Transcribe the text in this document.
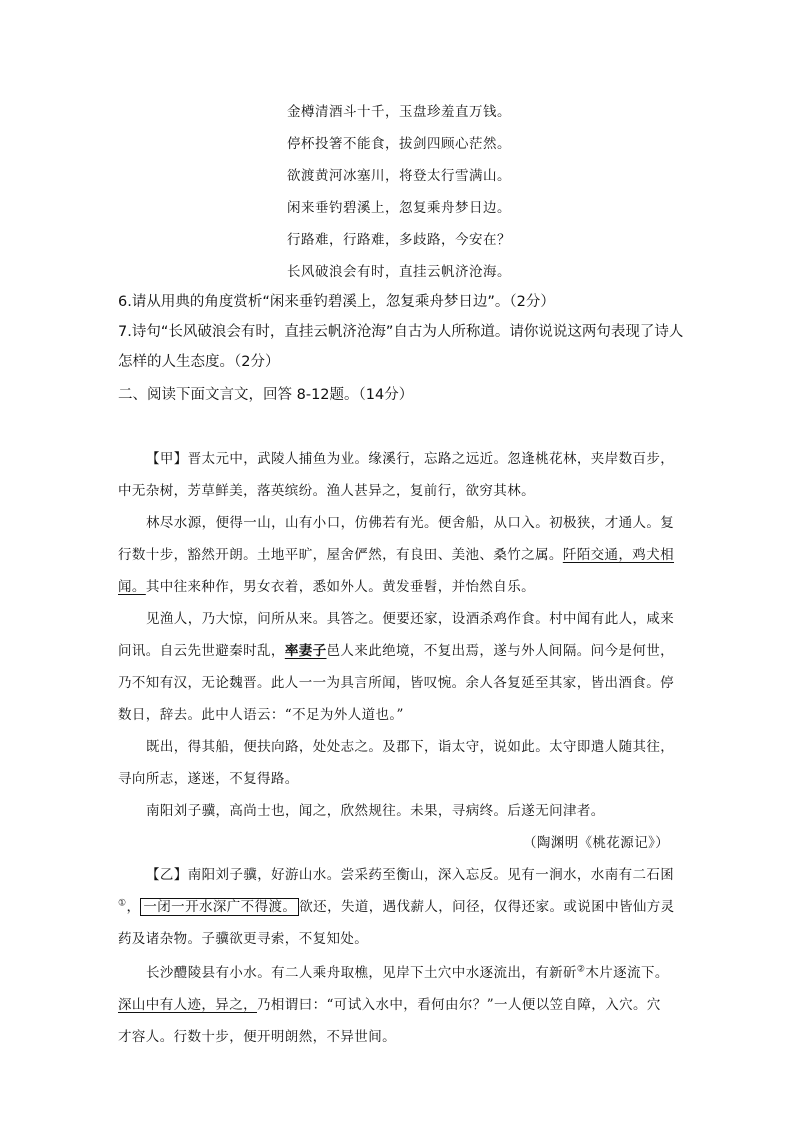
金樽清酒斗十千，玉盘珍羞直万钱。
停杯投箸不能食，拔剑四顾心茫然。
欲渡黄河冰塞川，将登太行雪满山。
闲来垂钓碧溪上，忽复乘舟梦日边。
行路难，行路难，多歧路，今安在？
长风破浪会有时，直挂云帆济沧海。
6.请从用典的角度赏析“闲来垂钓碧溪上，忽复乘舟梦日边”。（2分）
7.诗句“长风破浪会有时，直挂云帆济沧海”自古为人所称道。请你说说这两句表现了诗人
怎样的人生态度。（2分）
二、阅读下面文言文，回答 8-12题。（14分）
【甲】晋太元中，武陵人捕鱼为业。缘溪行，忘路之远近。忽逢桃花林，夹岸数百步，
中无杂树，芳草鲜美，落英缤纷。渔人甚异之，复前行，欲穷其林。
林尽水源，便得一山，山有小口，仿佛若有光。便舍船，从口入。初极狭，才通人。复
行数十步，豁然开朗。土地平旷，屋舍俨然，有良田、美池、桑竹之属。阡陌交通，鸡犬相
闻。其中往来种作，男女衣着，悉如外人。黄发垂髫，并怡然自乐。
见渔人，乃大惊，问所从来。具答之。便要还家，设酒杀鸡作食。村中闻有此人，咸来
问讯。自云先世避秦时乱，率妻子邑人来此绝境，不复出焉，遂与外人间隔。问今是何世，
乃不知有汉，无论魏晋。此人一一为具言所闻，皆叹惋。余人各复延至其家，皆出酒食。停
数日，辞去。此中人语云：“不足为外人道也。”
既出，得其船，便扶向路，处处志之。及郡下，诣太守，说如此。太守即遣人随其往，
寻向所志，遂迷，不复得路。
南阳刘子骥，高尚士也，闻之，欣然规往。未果，寻病终。后遂无问津者。
（陶渊明《桃花源记》）
【乙】南阳刘子骥，好游山水。尝采药至衡山，深入忘反。见有一涧水，水南有二石囷
①， 一闭一开水深广不得渡。 欲还，失道，遇伐薪人，问径，仅得还家。或说囷中皆仙方灵
药及诸杂物。子骥欲更寻索，不复知处。
长沙醴陵县有小水。有二人乘舟取樵，见岸下土穴中水逐流出，有新斫②木片逐流下。
深山中有人迹，异之，乃相谓曰：“可试入水中，看何由尔？”一人便以笠自障，入穴。穴
才容人。行数十步，便开明朗然，不异世间。
